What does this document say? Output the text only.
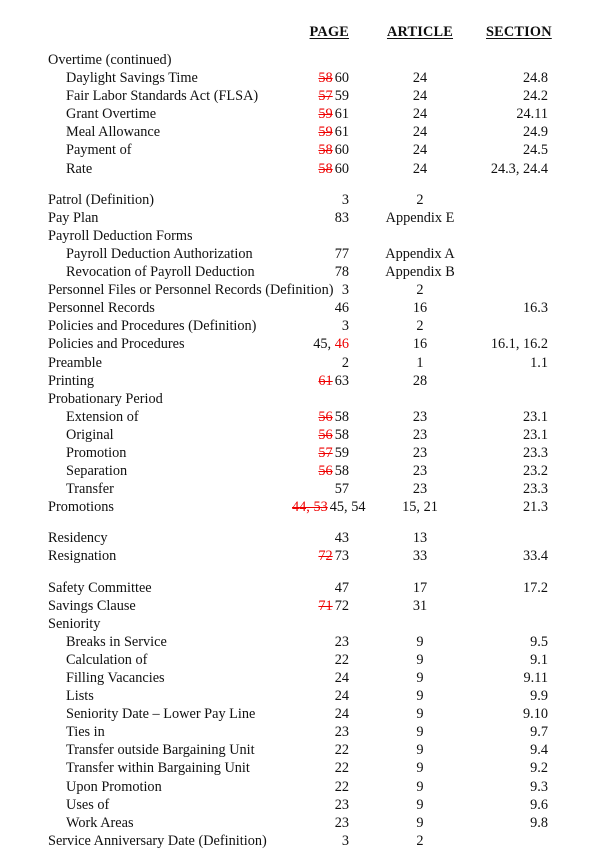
	PAGE	ARTICLE	SECTION
Overtime (continued)			
Daylight Savings Time	58 60	24	24.8
Fair Labor Standards Act (FLSA)	57 59	24	24.2
Grant Overtime	59 61	24	24.11
Meal Allowance	59 61	24	24.9
Payment of	58 60	24	24.5
Rate	58 60	24	24.3, 24.4

Patrol (Definition)	3	2	
Pay Plan	83	Appendix E	
Payroll Deduction Forms			
Payroll Deduction Authorization	77	Appendix A	
Revocation of Payroll Deduction	78	Appendix B	
Personnel Files or Personnel Records (Definition)	3	2	
Personnel Records	46	16	16.3
Policies and Procedures (Definition)	3	2	
Policies and Procedures	45, 46	16	16.1, 16.2
Preamble	2	1	1.1
Printing	61 63	28	
Probationary Period			
Extension of	56 58	23	23.1
Original	56 58	23	23.1
Promotion	57 59	23	23.3
Separation	56 58	23	23.2
Transfer	57	23	23.3
Promotions	44, 53 45, 54	15, 21	21.3

Residency	43	13	
Resignation	72 73	33	33.4

Safety Committee	47	17	17.2
Savings Clause	71 72	31	
Seniority			
Breaks in Service	23	9	9.5
Calculation of	22	9	9.1
Filling Vacancies	24	9	9.11
Lists	24	9	9.9
Seniority Date – Lower Pay Line	24	9	9.10
Ties in	23	9	9.7
Transfer outside Bargaining Unit	22	9	9.4
Transfer within Bargaining Unit	22	9	9.2
Upon Promotion	22	9	9.3
Uses of	23	9	9.6
Work Areas	23	9	9.8
Service Anniversary Date (Definition)	3	2	
